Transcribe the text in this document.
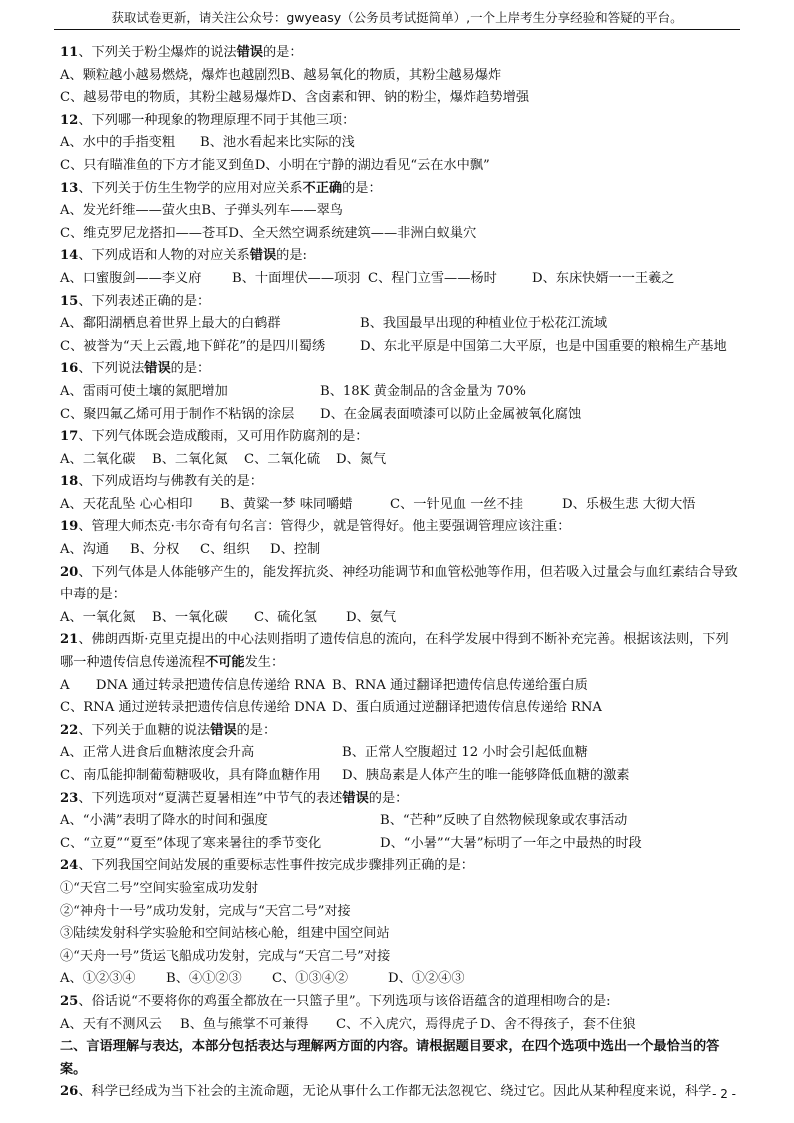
获取试卷更新，请关注公众号：gwyeasy（公务员考试挺简单）,一个上岸考生分享经验和答疑的平台。
11、下列关于粉尘爆炸的说法错误的是：
A、颗粒越小越易燃烧，爆炸也越剧烈B、越易氧化的物质，其粉尘越易爆炸
C、越易带电的物质，其粉尘越易爆炸D、含卤素和钾、钠的粉尘，爆炸趋势增强
12、下列哪一种现象的物理原理不同于其他三项：
A、水中的手指变粗 B、池水看起来比实际的浅
C、只有瞄准鱼的下方才能叉到鱼D、小明在宁静的湖边看见“云在水中飘”
13、下列关于仿生生物学的应用对应关系不正确的是：
A、发光纤维——萤火虫B、子弹头列车——翠鸟
C、维克罗尼龙搭扣——苍耳D、全天然空调系统建筑——非洲白蚁巢穴
14、下列成语和人物的对应关系错误的是:
A、口蜜腹剑——李义府 B、十面埋伏——项羽 C、程门立雪——杨时	D、东床快婿一一王羲之
15、下列表述正确的是：
A、鄱阳湖栖息着世界上最大的白鹤群	B、我国最早出现的种植业位于松花江流域
C、被誉为“天上云霞,地下鲜花”的是四川蜀绣	D、东北平原是中国第二大平原，也是中国重要的粮棉生产基地
16、下列说法错误的是：
A、雷雨可使土壤的氮肥增加	B、18K 黄金制品的含金量为 70%
C、聚四氟乙烯可用于制作不粘锅的涂层 D、在金属表面喷漆可以防止金属被氧化腐蚀
17、下列气体既会造成酸雨，又可用作防腐剂的是：
A、二氧化碳 B、二氧化氮 C、二氧化硫 D、氮气
18、下列成语均与佛教有关的是：
A、天花乱坠 心心相印 B、黄粱一梦 味同嚼蜡	C、一针见血 一丝不挂	D、乐极生悲 大彻大悟
19、管理大师杰克·韦尔奇有句名言：管得少，就是管得好。他主要强调管理应该注重：
A、沟通 B、分权 C、组织 D、控制
20、下列气体是人体能够产生的，能发挥抗炎、神经功能调节和血管松弛等作用，但若吸入过量会与血红素结合导致中毒的是：
A、一氧化氮 B、一氧化碳 C、硫化氢 D、氨气
21、佛朗西斯·克里克提出的中心法则指明了遗传信息的流向，在科学发展中得到不断补充完善。根据该法则，下列哪一种遗传信息传递流程不可能发生：
A　　DNA 通过转录把遗传信息传递给 RNA B、RNA 通过翻译把遗传信息传递给蛋白质
C、RNA 通过逆转录把遗传信息传递给 DNA D、蛋白质通过逆翻译把遗传信息传递给 RNA
22、下列关于血糖的说法错误的是：
A、正常人进食后血糖浓度会升高	B、正常人空腹超过 12 小时会引起低血糖
C、南瓜能抑制葡萄糖吸收，具有降血糖作用 D、胰岛素是人体产生的唯一能够降低血糖的激素
23、下列选项对“夏满芒夏暑相连”中节气的表述错误的是：
A、“小满”表明了降水的时间和强度	B、“芒种”反映了自然物候现象或农事活动
C、“立夏”“夏至”体现了寒来暑往的季节变化	D、“小暑”“大暑”标明了一年之中最热的时段
24、下列我国空间站发展的重要标志性事件按完成步骤排列正确的是：
①“天宫二号”空间实验室成功发射
②“神舟十一号”成功发射，完成与“天宫二号”对接
③陆续发射科学实验舱和空间站核心舱，组建中国空间站
④“天舟一号”货运飞船成功发射，完成与“天宫二号”对接
A、①②③④ B、④①②③ C、①③④②	D、①②④③
25、俗话说“不要将你的鸡蛋全都放在一只篮子里”。下列选项与该俗语蕴含的道理相吻合的是:
A、天有不测风云 B、鱼与熊掌不可兼得 C、不入虎穴，焉得虎子 D、舍不得孩子，套不住狼
二、言语理解与表达，本部分包括表达与理解两方面的内容。请根据题目要求，在四个选项中选出一个最恰当的答案。
26、科学已经成为当下社会的主流命题，无论从事什么工作都无法忽视它、绕过它。因此从某种程度来说，科学 - 2 -
